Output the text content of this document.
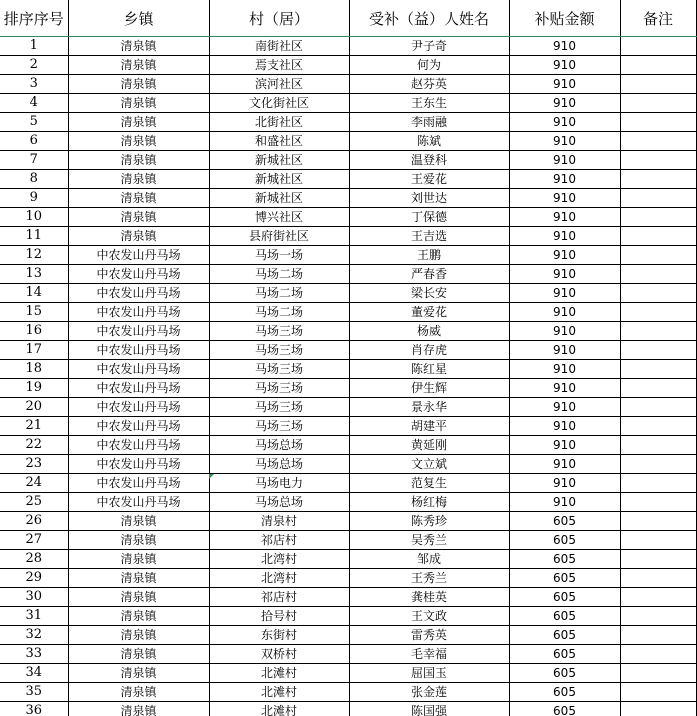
排序序号	乡镇	村（居）	受补（益）人姓名	补贴金额	备注
1	清泉镇	南街社区	尹子奇	910	
2	清泉镇	焉支社区	何为	910	
3	清泉镇	滨河社区	赵芬英	910	
4	清泉镇	文化街社区	王东生	910	
5	清泉镇	北街社区	李雨融	910	
6	清泉镇	和盛社区	陈斌	910	
7	清泉镇	新城社区	温登科	910	
8	清泉镇	新城社区	王爱花	910	
9	清泉镇	新城社区	刘世达	910	
10	清泉镇	博兴社区	丁保德	910	
11	清泉镇	县府街社区	王吉选	910	
12	中农发山丹马场	马场一场	王鹏	910	
13	中农发山丹马场	马场二场	严春香	910	
14	中农发山丹马场	马场二场	梁长安	910	
15	中农发山丹马场	马场二场	董爱花	910	
16	中农发山丹马场	马场三场	杨威	910	
17	中农发山丹马场	马场三场	肖存虎	910	
18	中农发山丹马场	马场三场	陈红星	910	
19	中农发山丹马场	马场三场	伊生辉	910	
20	中农发山丹马场	马场三场	景永华	910	
21	中农发山丹马场	马场三场	胡建平	910	
22	中农发山丹马场	马场总场	黄延刚	910	
23	中农发山丹马场	马场总场	文立斌	910	
24	中农发山丹马场	马场电力	范复生	910	
25	中农发山丹马场	马场总场	杨红梅	910	
26	清泉镇	清泉村	陈秀珍	605	
27	清泉镇	祁店村	吴秀兰	605	
28	清泉镇	北湾村	邹成	605	
29	清泉镇	北湾村	王秀兰	605	
30	清泉镇	祁店村	龚桂英	605	
31	清泉镇	拾号村	王文政	605	
32	清泉镇	东街村	雷秀英	605	
33	清泉镇	双桥村	毛幸福	605	
34	清泉镇	北滩村	屈国玉	605	
35	清泉镇	北滩村	张金莲	605	
36	清泉镇	北滩村	陈国强	605	
